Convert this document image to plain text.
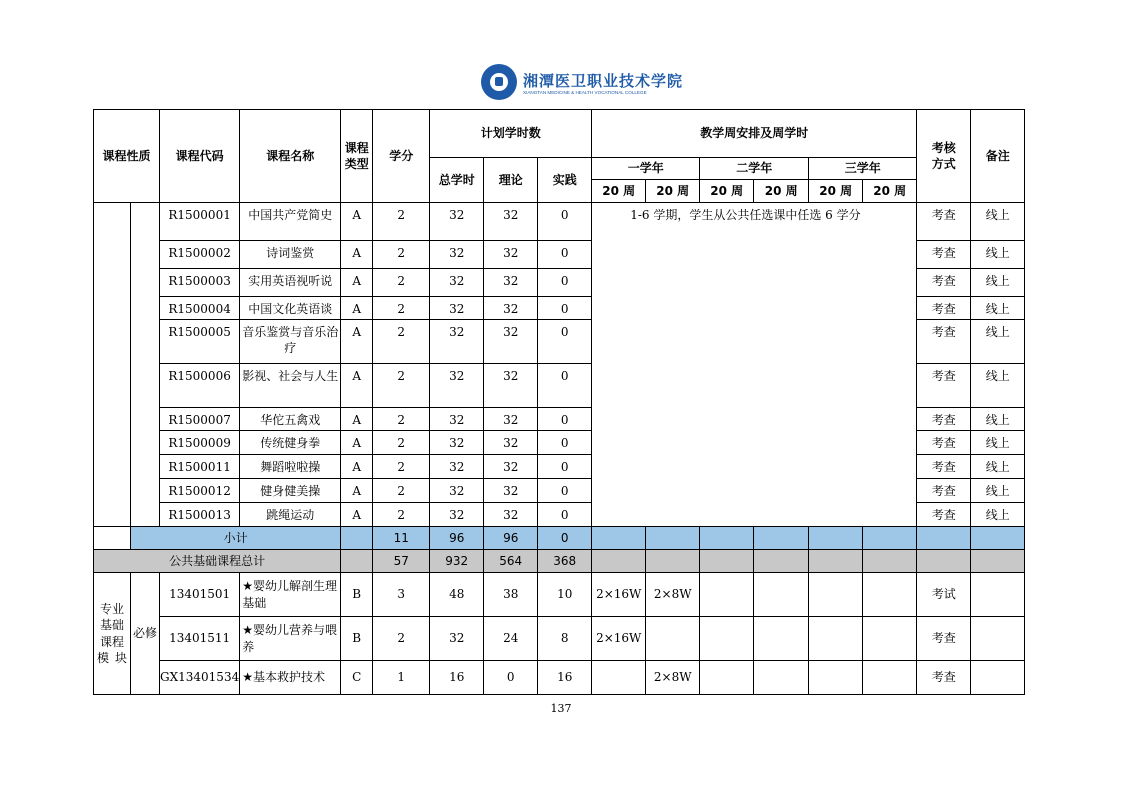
湘潭医卫职业技术学院
XIANGTAN MEDICINE & HEALTH VOCATIONAL COLLEGE
课程性质		课程代码	课程名称	课程类型	学分	计划学时数			教学周安排及周学时						考核方式	备注
						总学时	理论	实践	一学年		二学年		三学年			
									20 周	20 周	20 周	20 周	20 周	20 周		
		R1500001	中国共产党简史	A	2	32	32	0	1-6 学期，学生从公共任选课中任选 6 学分						考查	线上
		R1500002	诗词鉴赏	A	2	32	32	0							考查	线上
		R1500003	实用英语视听说	A	2	32	32	0							考查	线上
		R1500004	中国文化英语谈	A	2	32	32	0							考查	线上
		R1500005	音乐鉴赏与音乐治疗	A	2	32	32	0							考查	线上
		R1500006	影视、社会与人生	A	2	32	32	0							考查	线上
		R1500007	华佗五禽戏	A	2	32	32	0							考查	线上
		R1500009	传统健身拳	A	2	32	32	0							考查	线上
		R1500011	舞蹈啦啦操	A	2	32	32	0							考查	线上
		R1500012	健身健美操	A	2	32	32	0							考查	线上
		R1500013	跳绳运动	A	2	32	32	0							考查	线上
	小计				11	96	96	0								
公共基础课程总计					57	932	564	368								
专业基础课程模块	必修	13401501	★婴幼儿解剖生理基础	B	3	48	38	10	2×16W	2×8W					考试	
		13401511	★婴幼儿营养与喂养	B	2	32	24	8	2×16W						考查	
		GX13401534	★基本救护技术	C	1	16	0	16		2×8W					考查	
137
